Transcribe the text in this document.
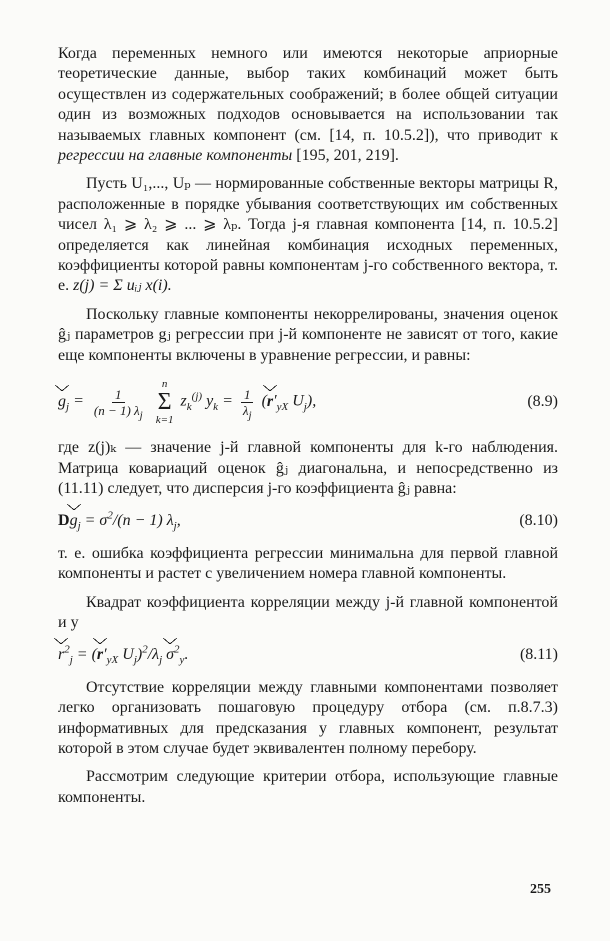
Когда переменных немного или имеются некоторые априорные теоретические данные, выбор таких комбинаций может быть осуществлен из содержательных соображений; в более общей ситуации один из возможных подходов основывается на использовании так называемых главных компонент (см. [14, п. 10.5.2]), что приводит к регрессии на главные компоненты [195, 201, 219].

Пусть U₁,..., Uₚ — нормированные собственные векторы матрицы R, расположенные в порядке убывания соответствующих им собственных чисел λ₁ ⩾ λ₂ ⩾ ... ⩾ λₚ. Тогда j-я главная компонента [14, п. 10.5.2] определяется как линейная комбинация исходных переменных, коэффициенты которой равны компонентам j-го собственного вектора, т. е. z(j) = Σ uᵢⱼ x(i).

Поскольку главные компоненты некоррелированы, значения оценок ĝⱼ параметров gⱼ регрессии при j-й компоненте не зависят от того, какие еще компоненты включены в уравнение регрессии, и равны:

$g_j = \frac{1}{(n - 1) \lambda_j}$

n
Σ
k=1
$z_k^{(j)}$ $y_k = \frac{1}{\lambda_j} (r'_{yX}$ $U_j$),	(8.9)

где z(j)ₖ — значение j-й главной компоненты для k-го наблюдения. Матрица ковариаций оценок ĝⱼ диагональна, и непосредственно из (11.11) следует, что дисперсия j-го коэффициента ĝⱼ равна:

$Dg_j = \sigma^2/(n - 1)$ $\lambda_j$,	(8.10)

т. е. ошибка коэффициента регрессии минимальна для первой главной компоненты и растет с увеличением номера главной компоненты.

Квадрат коэффициента корреляции между j-й главной компонентой и y

$r^2_j = (r'_{yX}$ $U_j)^2/\lambda_j$ $\sigma^2_y$.	(8.11)

Отсутствие корреляции между главными компонентами позволяет легко организовать пошаговую процедуру отбора (см. п.8.7.3) информативных для предсказания y главных компонент, результат которой в этом случае будет эквивалентен полному перебору.

Рассмотрим следующие критерии отбора, использующие главные компоненты.

255
